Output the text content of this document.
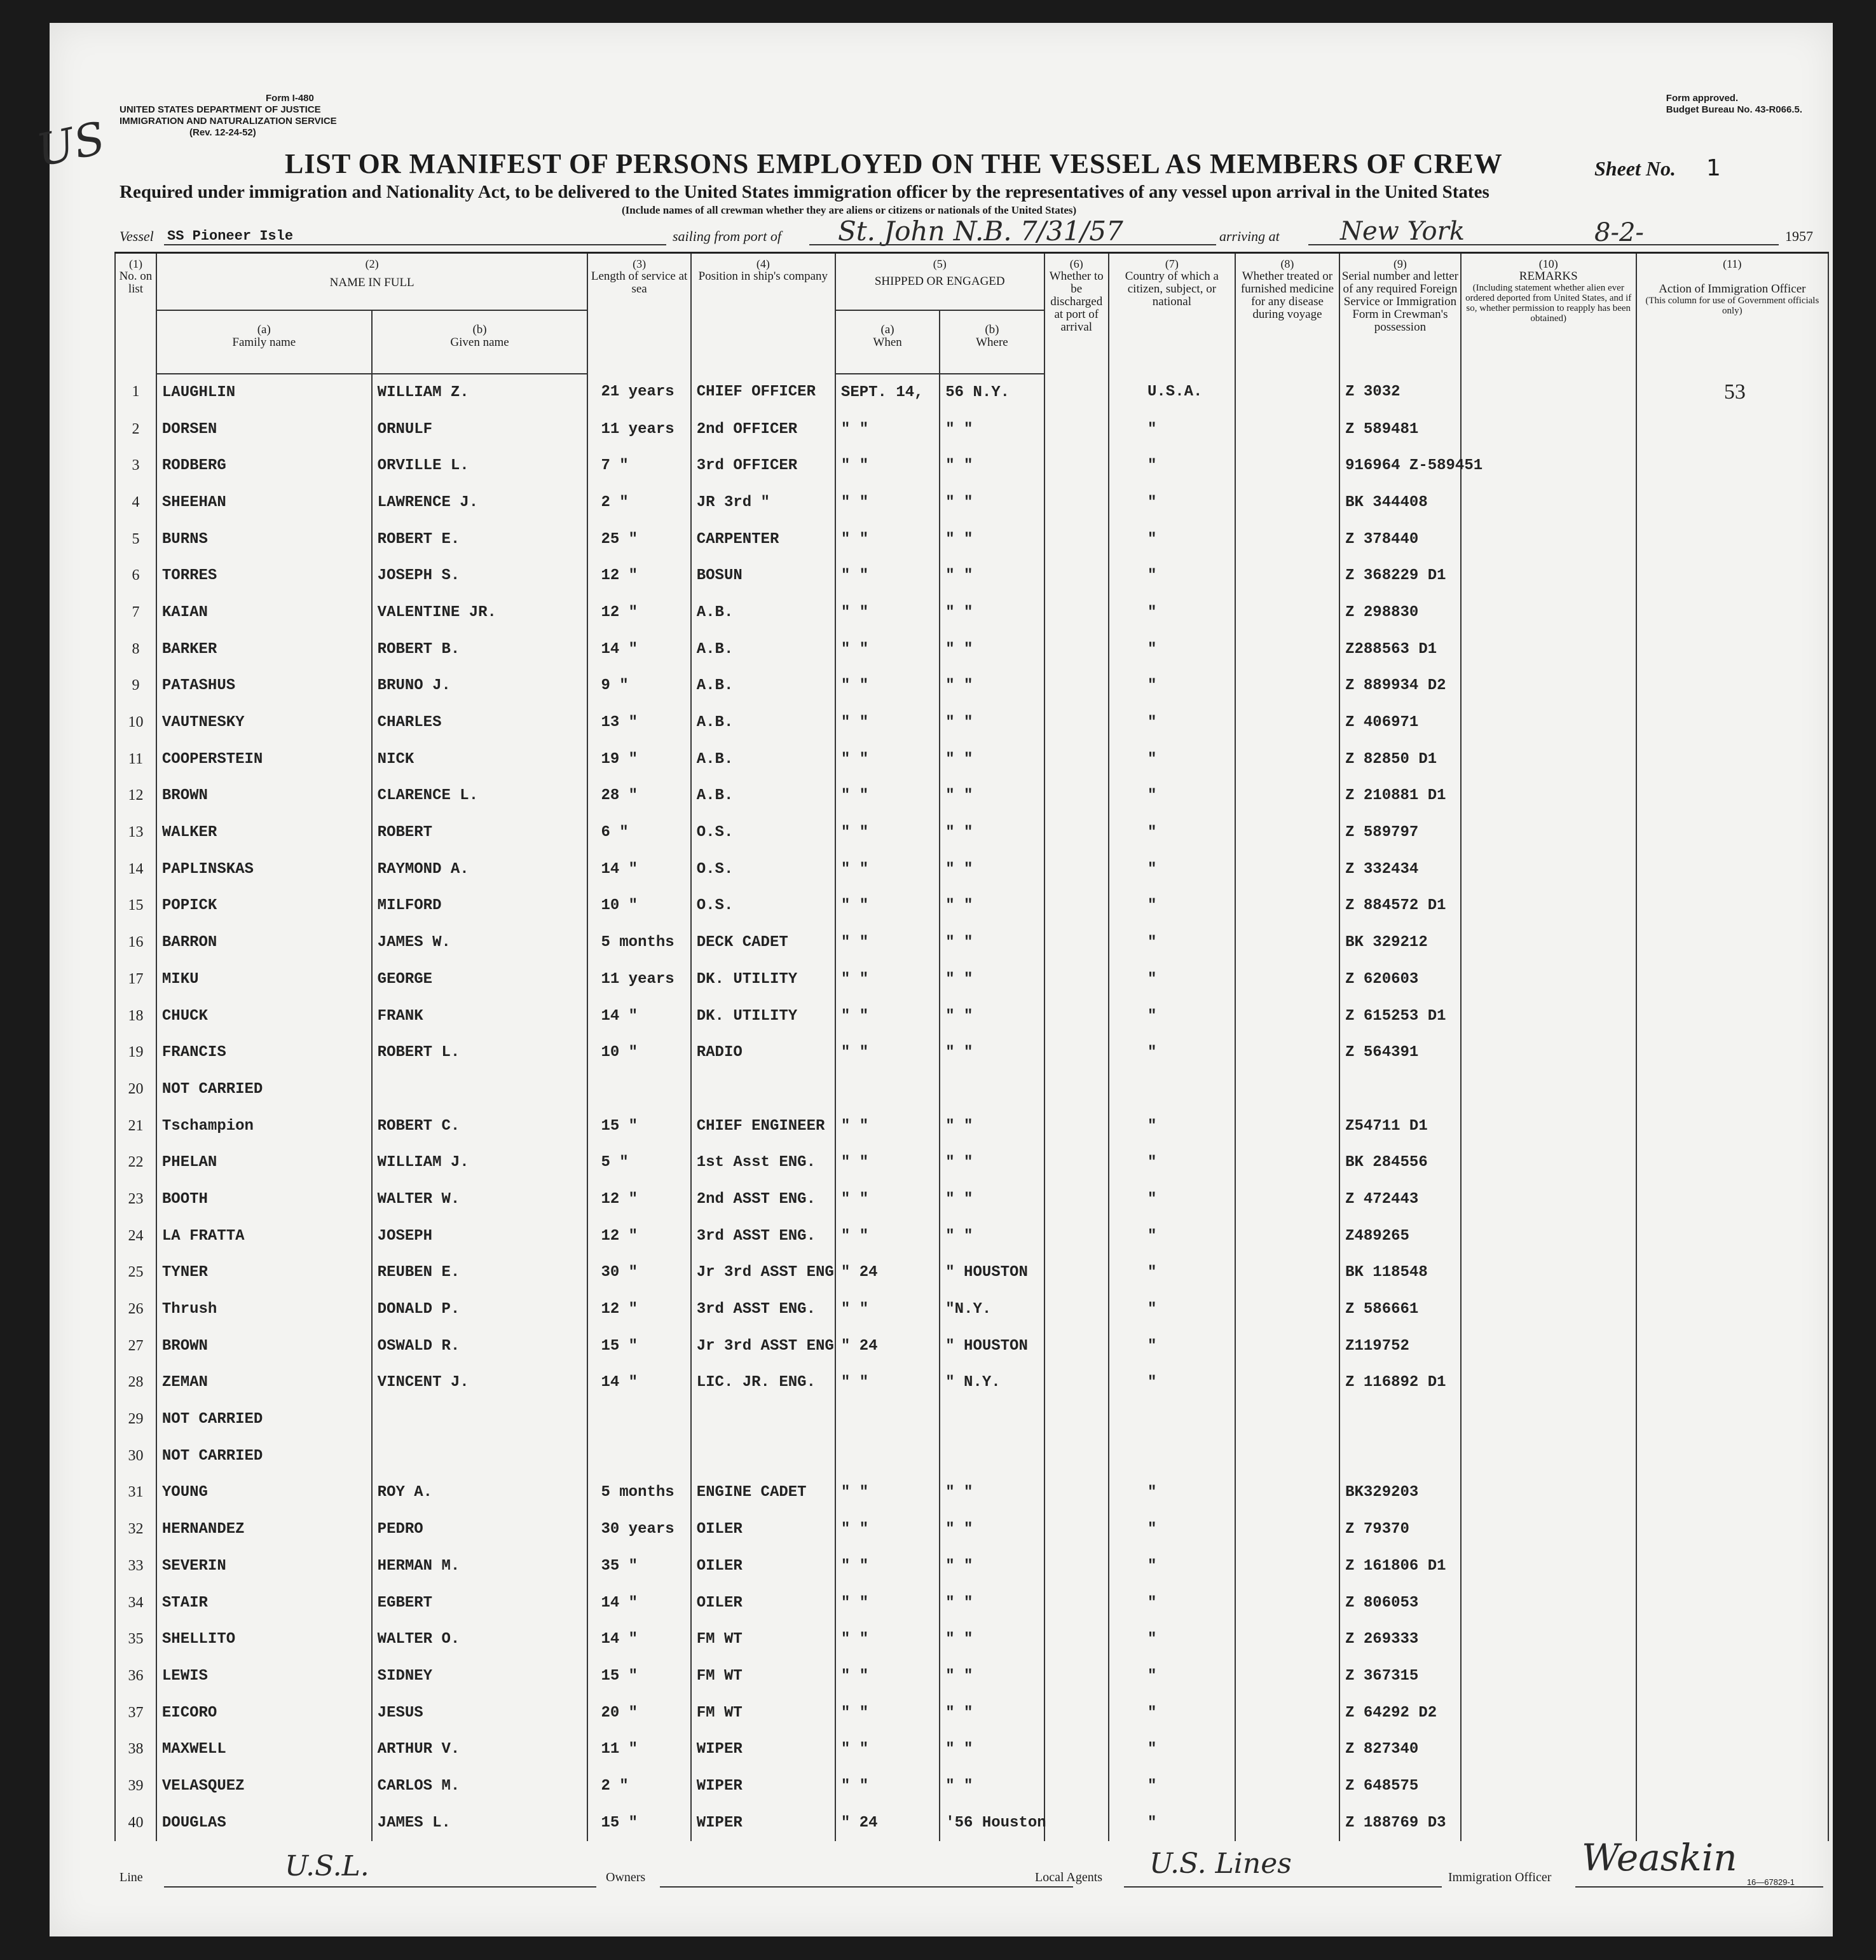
US
Form I-480
UNITED STATES DEPARTMENT OF JUSTICE
IMMIGRATION AND NATURALIZATION SERVICE
(Rev. 12-24-52)
Form approved.
Budget Bureau No. 43-R066.5.
LIST OR MANIFEST OF PERSONS EMPLOYED ON THE VESSEL AS MEMBERS OF CREW	Sheet No. 1
Required under immigration and Nationality Act, to be delivered to the United States immigration officer by the representatives of any vessel upon arrival in the United States
(Include names of all crewman whether they are aliens or citizens or nationals of the United States)
Vessel SS Pioneer Isle	sailing from port of St. John N.B. 7/31/57	arriving at New York	8-2-	1957
(1)
No. on list	(2)
NAME IN FULL		(3)
Length of service at sea	(4)
Position in ship's company	(5)
SHIPPED OR ENGAGED		(6)
Whether to be discharged at port of arrival	(7)
Country of which a citizen, subject, or national	(8)
Whether treated or furnished medicine for any disease during voyage	(9)
Serial number and letter of any required Foreign Service or Immigration Form in Crewman's possession	(10)
REMARKS
(Including statement whether alien ever ordered deported from United States, and if so, whether permission to reapply has been obtained)	(11)
Action of Immigration Officer
(This column for use of Government officials only)

	(a)
Family name	(b)
Given name			(a)
When	(b)
Where						
1	LAUGHLIN	WILLIAM Z.	21 years	CHIEF OFFICER	SEPT. 14,	56 N.Y.		U.S.A.		Z 3032		53
2	DORSEN	ORNULF	11 years	2nd OFFICER	" "	" "		"		Z 589481		
3	RODBERG	ORVILLE L.	7 "	3rd OFFICER	" "	" "		"		916964 Z-589451		
4	SHEEHAN	LAWRENCE J.	2 "	JR 3rd "	" "	" "		"		BK 344408		
5	BURNS	ROBERT E.	25 "	CARPENTER	" "	" "		"		Z 378440		
6	TORRES	JOSEPH S.	12 "	BOSUN	" "	" "		"		Z 368229 D1		
7	KAIAN	VALENTINE JR.	12 "	A.B.	" "	" "		"		Z 298830		
8	BARKER	ROBERT B.	14 "	A.B.	" "	" "		"		Z288563 D1		
9	PATASHUS	BRUNO J.	9 "	A.B.	" "	" "		"		Z 889934 D2		
10	VAUTNESKY	CHARLES	13 "	A.B.	" "	" "		"		Z 406971		
11	COOPERSTEIN	NICK	19 "	A.B.	" "	" "		"		Z 82850 D1		
12	BROWN	CLARENCE L.	28 "	A.B.	" "	" "		"		Z 210881 D1		
13	WALKER	ROBERT	6 "	O.S.	" "	" "		"		Z 589797		
14	PAPLINSKAS	RAYMOND A.	14 "	O.S.	" "	" "		"		Z 332434		
15	POPICK	MILFORD	10 "	O.S.	" "	" "		"		Z 884572 D1		
16	BARRON	JAMES W.	5 months	DECK CADET	" "	" "		"		BK 329212		
17	MIKU	GEORGE	11 years	DK. UTILITY	" "	" "		"		Z 620603		
18	CHUCK	FRANK	14 "	DK. UTILITY	" "	" "		"		Z 615253 D1		
19	FRANCIS	ROBERT L.	10 "	RADIO	" "	" "		"		Z 564391		
20	NOT CARRIED											
21	Tschampion	ROBERT C.	15 "	CHIEF ENGINEER	" "	" "		"		Z54711 D1		
22	PHELAN	WILLIAM J.	5 "	1st Asst ENG.	" "	" "		"		BK 284556		
23	BOOTH	WALTER W.	12 "	2nd ASST ENG.	" "	" "		"		Z 472443		
24	LA FRATTA	JOSEPH	12 "	3rd ASST ENG.	" "	" "		"		Z489265		
25	TYNER	REUBEN E.	30 "	Jr 3rd ASST ENG	" 24	" HOUSTON		"		BK 118548		
26	Thrush	DONALD P.	12 "	3rd ASST ENG.	" "	"N.Y.		"		Z 586661		
27	BROWN	OSWALD R.	15 "	Jr 3rd ASST ENG	" 24	" HOUSTON		"		Z119752		
28	ZEMAN	VINCENT J.	14 "	LIC. JR. ENG.	" "	" N.Y.		"		Z 116892 D1		
29	NOT CARRIED											
30	NOT CARRIED											
31	YOUNG	ROY A.	5 months	ENGINE CADET	" "	" "		"		BK329203		
32	HERNANDEZ	PEDRO	30 years	OILER	" "	" "		"		Z 79370		
33	SEVERIN	HERMAN M.	35 "	OILER	" "	" "		"		Z 161806 D1		
34	STAIR	EGBERT	14 "	OILER	" "	" "		"		Z 806053		
35	SHELLITO	WALTER O.	14 "	FM WT	" "	" "		"		Z 269333		
36	LEWIS	SIDNEY	15 "	FM WT	" "	" "		"		Z 367315		
37	EICORO	JESUS	20 "	FM WT	" "	" "		"		Z 64292 D2		
38	MAXWELL	ARTHUR V.	11 "	WIPER	" "	" "		"		Z 827340		
39	VELASQUEZ	CARLOS M.	2 "	WIPER	" "	" "		"		Z 648575		
40	DOUGLAS	JAMES L.	15 "	WIPER	" 24	'56 Houston		"		Z 188769 D3		
Line	U.S.L.	Owners	Local Agents U.S. Lines	Immigration Officer Weaskin
16—67829-1
